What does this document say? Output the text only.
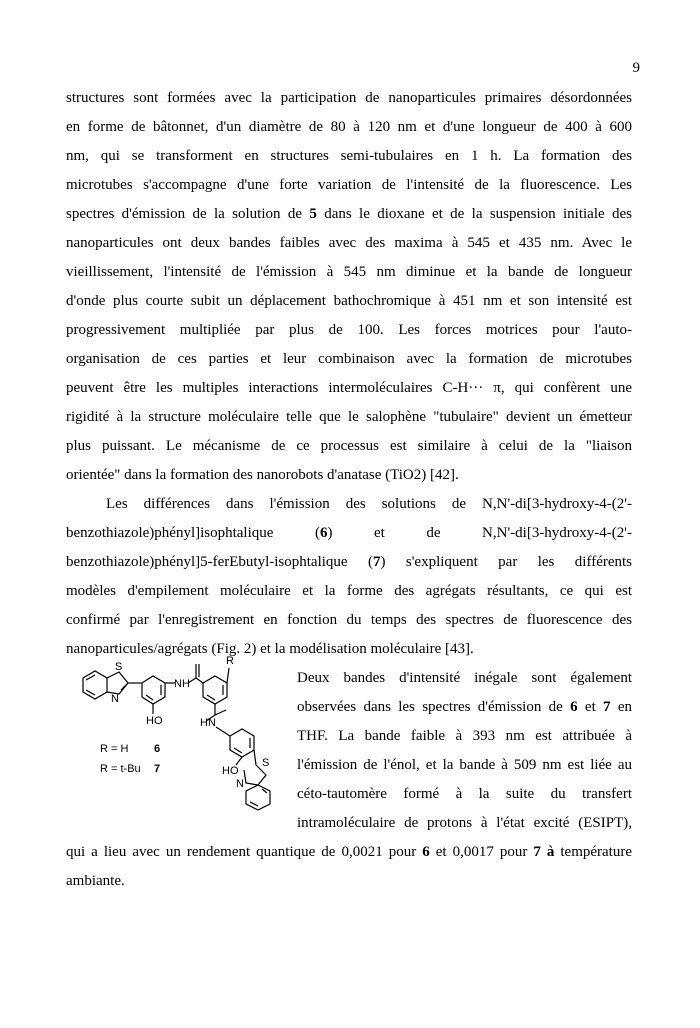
9
structures sont formées avec la participation de nanoparticules primaires désordonnées
en forme de bâtonnet, d'un diamètre de 80 à 120 nm et d'une longueur de 400 à 600
nm, qui se transforment en structures semi-tubulaires en 1 h. La formation des
microtubes s'accompagne d'une forte variation de l'intensité de la fluorescence. Les
spectres d'émission de la solution de 5 dans le dioxane et de la suspension initiale des
nanoparticules ont deux bandes faibles avec des maxima à 545 et 435 nm. Avec le
vieillissement, l'intensité de l'émission à 545 nm diminue et la bande de longueur
d'onde plus courte subit un déplacement bathochromique à 451 nm et son intensité est
progressivement multipliée par plus de 100. Les forces motrices pour l'auto-
organisation de ces parties et leur combinaison avec la formation de microtubes
peuvent être les multiples interactions intermoléculaires C-H··· π, qui confèrent une
rigidité à la structure moléculaire telle que le salophène "tubulaire" devient un émetteur
plus puissant. Le mécanisme de ce processus est similaire à celui de la "liaison
orientée" dans la formation des nanorobots d'anatase (TiO2) [42].
Les différences dans l'émission des solutions de N,N'-di[3-hydroxy-4-(2'-
benzothiazole)phényl]isophtalique (6) et de N,N'-di[3-hydroxy-4-(2'-
benzothiazole)phényl]5-ferEbutyl-isophtalique (7) s'expliquent par les différents
modèles d'empilement moléculaire et la forme des agrégats résultants, ce qui est
confirmé par l'enregistrement en fonction du temps des spectres de fluorescence des
nanoparticules/agrégats (Fig. 2) et la modélisation moléculaire [43].
Deux bandes d'intensité inégale sont également
observées dans les spectres d'émission de 6 et 7 en
THF. La bande faible à 393 nm est attribuée à
l'émission de l'énol, et la bande à 509 nm est liée au
céto-tautomère formé à la suite du transfert
intramoléculaire de protons à l'état excité (ESIPT),
qui a lieu avec un rendement quantique de 0,0021 pour 6 et 0,0017 pour 7 à température
ambiante.
R
S
N
NH
HO	HN
HO
S
N
R = H 6
R = t-Bu 7
